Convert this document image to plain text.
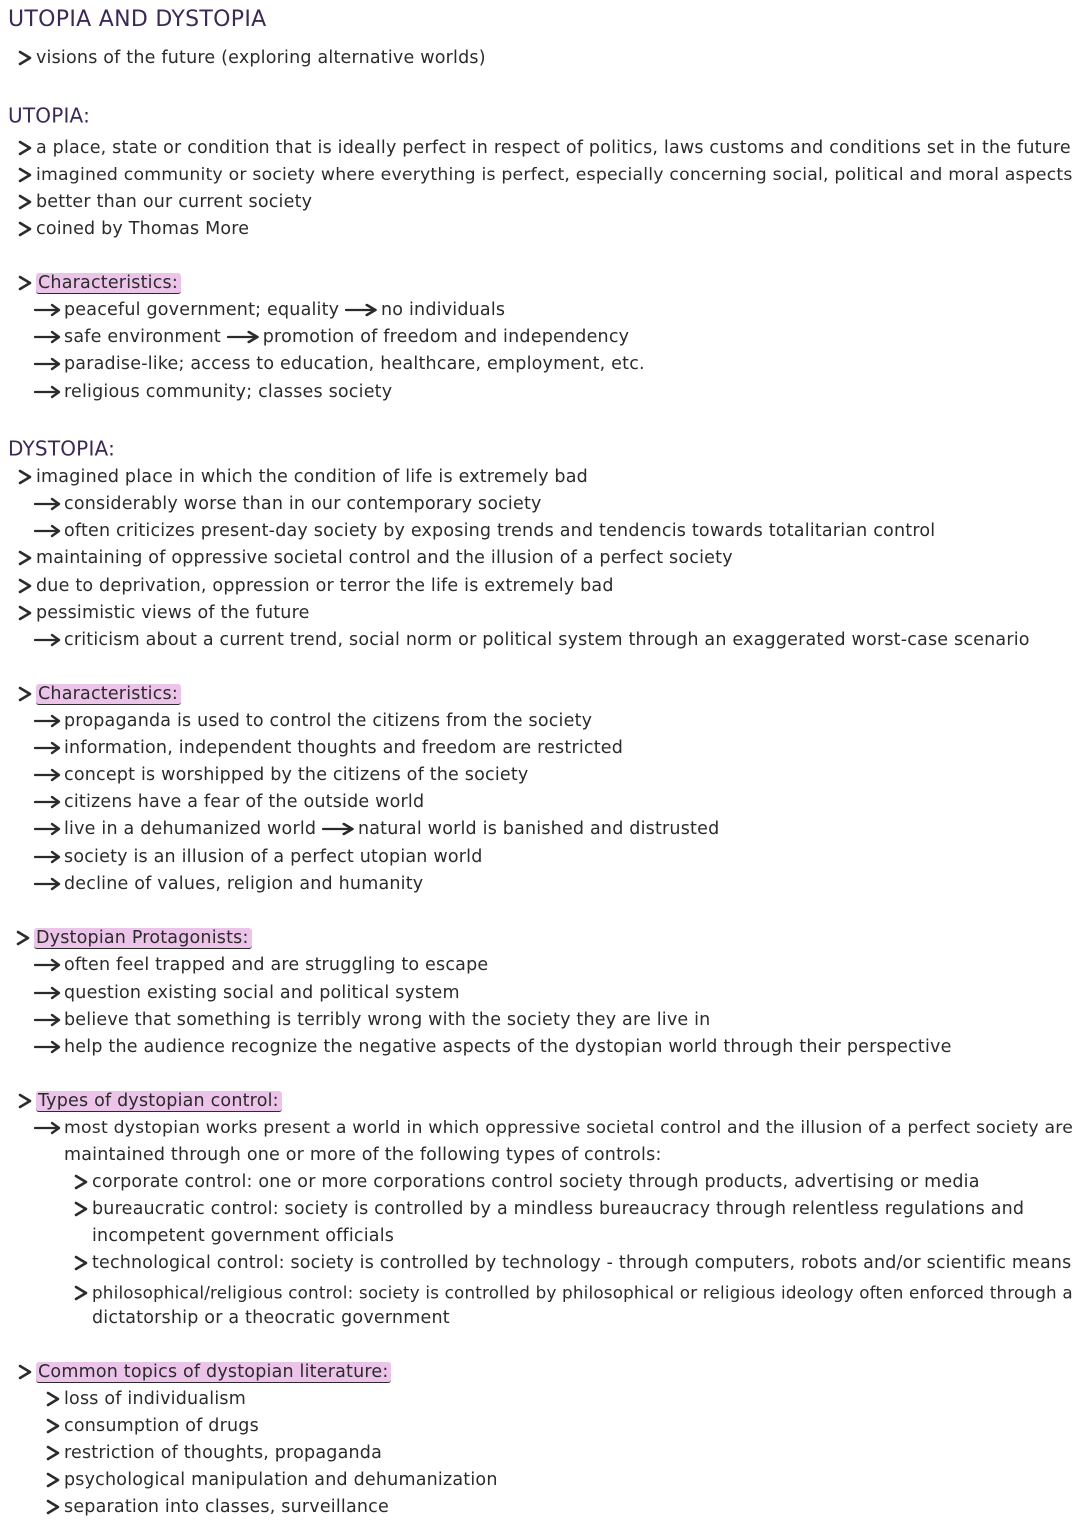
UTOPIA AND DYSTOPIA
visions of the future (exploring alternative worlds)
UTOPIA:
a place, state or condition that is ideally perfect in respect of politics, laws customs and conditions set in the future
imagined community or society where everything is perfect, especially concerning social, political and moral aspects
better than our current society
coined by Thomas More
Characteristics:
peaceful government; equality no individuals
safe environment promotion of freedom and independency
paradise-like; access to education, healthcare, employment, etc.
religious community; classes society
DYSTOPIA:
imagined place in which the condition of life is extremely bad
considerably worse than in our contemporary society
often criticizes present-day society by exposing trends and tendencis towards totalitarian control
maintaining of oppressive societal control and the illusion of a perfect society
due to deprivation, oppression or terror the life is extremely bad
pessimistic views of the future
criticism about a current trend, social norm or political system through an exaggerated worst-case scenario
Characteristics:
propaganda is used to control the citizens from the society
information, independent thoughts and freedom are restricted
concept is worshipped by the citizens of the society
citizens have a fear of the outside world
live in a dehumanized world natural world is banished and distrusted
society is an illusion of a perfect utopian world
decline of values, religion and humanity
Dystopian Protagonists:
often feel trapped and are struggling to escape
question existing social and political system
believe that something is terribly wrong with the society they are live in
help the audience recognize the negative aspects of the dystopian world through their perspective
Types of dystopian control:
most dystopian works present a world in which oppressive societal control and the illusion of a perfect society are
maintained through one or more of the following types of controls:
corporate control: one or more corporations control society through products, advertising or media
bureaucratic control: society is controlled by a mindless bureaucracy through relentless regulations and
incompetent government officials
technological control: society is controlled by technology - through computers, robots and/or scientific means
philosophical/religious control: society is controlled by philosophical or religious ideology often enforced through a
dictatorship or a theocratic government
Common topics of dystopian literature:
loss of individualism
consumption of drugs
restriction of thoughts, propaganda
psychological manipulation and dehumanization
separation into classes, surveillance
